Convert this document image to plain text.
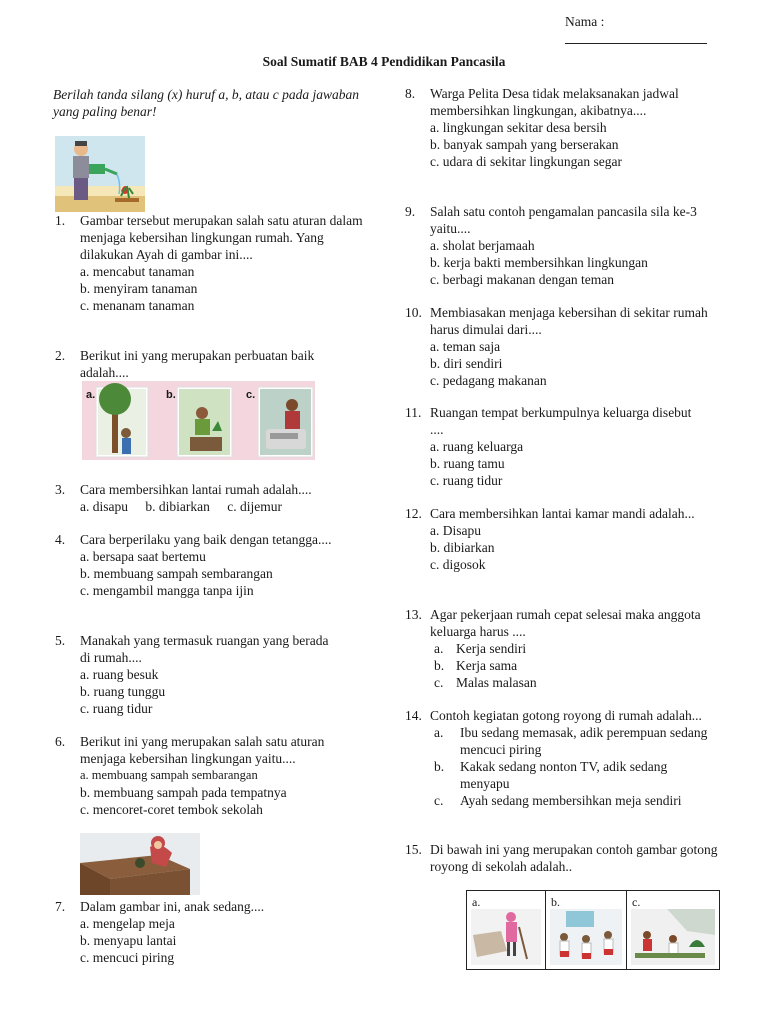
Nama :
Soal Sumatif BAB 4 Pendidikan Pancasila
Berilah tanda silang (x) huruf a, b, atau c pada jawaban yang paling benar!
1. Gambar tersebut merupakan salah satu aturan dalam menjaga kebersihan lingkungan rumah. Yang dilakukan Ayah di gambar ini....
a. mencabut tanaman
b. menyiram tanaman
c. menanam tanaman
2. Berikut ini yang merupakan perbuatan baik adalah....
a.	b.	c.
3. Cara membersihkan lantai rumah adalah....
a. disapu b. dibiarkan c. dijemur
4. Cara berperilaku yang baik dengan tetangga....
a. bersapa saat bertemu
b. membuang sampah sembarangan
c. mengambil mangga tanpa ijin
5. Manakah yang termasuk ruangan yang berada di rumah....
a. ruang besuk
b. ruang tunggu
c. ruang tidur
6. Berikut ini yang merupakan salah satu aturan menjaga kebersihan lingkungan yaitu....
a. membuang sampah sembarangan
b. membuang sampah pada tempatnya
c. mencoret-coret tembok sekolah
7. Dalam gambar ini, anak sedang....
a. mengelap meja
b. menyapu lantai
c. mencuci piring
8. Warga Pelita Desa tidak melaksanakan jadwal membersihkan lingkungan, akibatnya....
a. lingkungan sekitar desa bersih
b. banyak sampah yang berserakan
c. udara di sekitar lingkungan segar
9. Salah satu contoh pengamalan pancasila sila ke-3 yaitu....
a. sholat berjamaah
b. kerja bakti membersihkan lingkungan
c. berbagi makanan dengan teman
10. Membiasakan menjaga kebersihan di sekitar rumah harus dimulai dari....
a. teman saja
b. diri sendiri
c. pedagang makanan
11. Ruangan tempat berkumpulnya keluarga disebut ....
a. ruang keluarga
b. ruang tamu
c. ruang tidur
12. Cara membersihkan lantai kamar mandi adalah...
a. Disapu
b. dibiarkan
c. digosok
13. Agar pekerjaan rumah cepat selesai maka anggota keluarga harus ....
a. Kerja sendiri
b. Kerja sama
c. Malas malasan
14. Contoh kegiatan gotong royong di rumah adalah...
a.	Ibu sedang memasak, adik perempuan sedang mencuci piring
b.	Kakak sedang nonton TV, adik sedang menyapu
c.	Ayah sedang membersihkan meja sendiri
15. Di bawah ini yang merupakan contoh gambar gotong royong di sekolah adalah..
a.	b.	c.
